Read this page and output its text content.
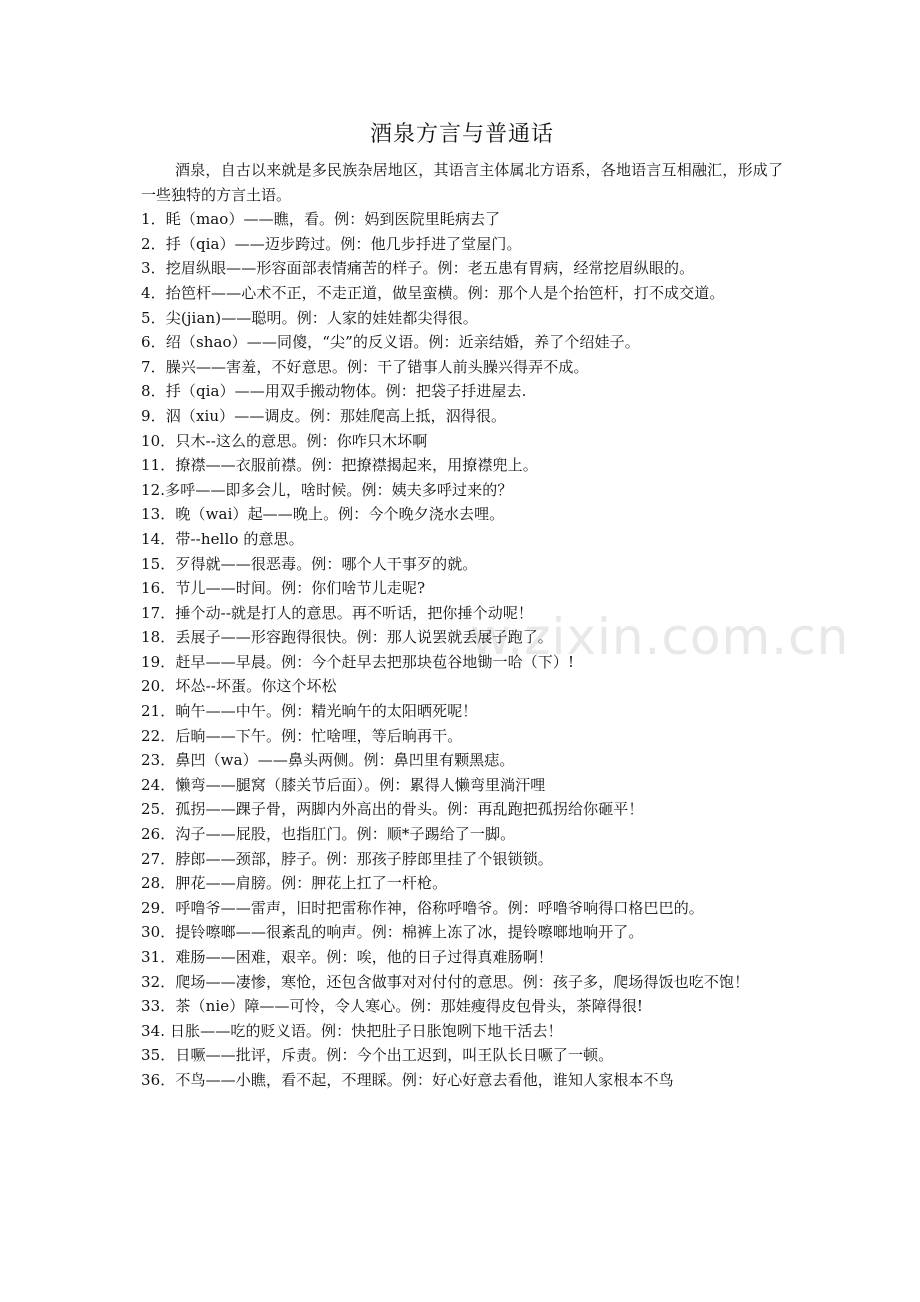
w.zixin.com.cn
酒泉方言与普通话

酒泉，自古以来就是多民族杂居地区，其语言主体属北方语系，各地语言互相融汇，形成了一些独特的方言土语。

1．眊（mao）——瞧，看。例：妈到医院里眊病去了
2．抙（qia）——迈步跨过。例：他几步抙进了堂屋门。
3．挖眉纵眼——形容面部表情痛苦的样子。例：老五患有胃病，经常挖眉纵眼的。
4．抬笆杆——心术不正，不走正道，做呈蛮横。例：那个人是个抬笆杆，打不成交道。
5．尖(jian)——聪明。例：人家的娃娃都尖得很。
6．绍（shao）——同傻，“尖”的反义语。例：近亲结婚，养了个绍娃子。
7．臊兴——害羞，不好意思。例：干了错事人前头臊兴得弄不成。
8．抙（qia）——用双手搬动物体。例：把袋子抙进屋去.
9．泅（xiu）——调皮。例：那娃爬高上抵，泅得很。
10．只木--这么的意思。例：你咋只木坏啊
11．撩襟——衣服前襟。例：把撩襟揭起来，用撩襟兜上。
12.多呼——即多会儿，啥时候。例：姨夫多呼过来的？
13．晚（wai）起——晚上。例：今个晚夕浇水去哩。
14．带--hello 的意思。
15．歹得就——很恶毒。例：哪个人干事歹的就。
16．节儿——时间。例：你们啥节儿走呢?
17．捶个动--就是打人的意思。再不听话，把你捶个动呢！
18．丢展子——形容跑得很快。例：那人说罢就丢展子跑了。
19．赶早——早晨。例：今个赶早去把那块苞谷地锄一哈（下）!
20．坏怂--坏蛋。你这个坏松
21．晌午——中午。例：精光晌午的太阳晒死呢！
22．后晌——下午。例：忙啥哩，等后晌再干。
23．鼻凹（wa）——鼻头两侧。例：鼻凹里有颗黑痣。
24．懒弯——腿窝（膝关节后面）。例：累得人懒弯里淌汗哩
25．孤拐——踝子骨，两脚内外高出的骨头。例：再乱跑把孤拐给你砸平！
26．沟子——屁股，也指肛门。例：顺*子踢给了一脚。
27．脖郎——颈部，脖子。例：那孩子脖郎里挂了个银锁锁。
28．胛花——肩膀。例：胛花上扛了一杆枪。
29．呼噜爷——雷声，旧时把雷称作神，俗称呼噜爷。例：呼噜爷响得口格巴巴的。
30．提铃嚓啷——很紊乱的响声。例：棉裤上冻了冰，提铃嚓啷地响开了。
31．难肠——困难，艰辛。例：唉，他的日子过得真难肠啊！
32．爬场——凄惨，寒怆，还包含做事对对付付的意思。例：孩子多，爬场得饭也吃不饱！
33．茶（nie）障——可怜，令人寒心。例：那娃瘦得皮包骨头，茶障得很!
34. 日胀——吃的贬义语。例：快把肚子日胀饱咧下地干活去！
35．日噘——批评，斥责。例：今个出工迟到，叫王队长日噘了一顿。
36．不鸟——小瞧，看不起，不理睬。例：好心好意去看他，谁知人家根本不鸟
